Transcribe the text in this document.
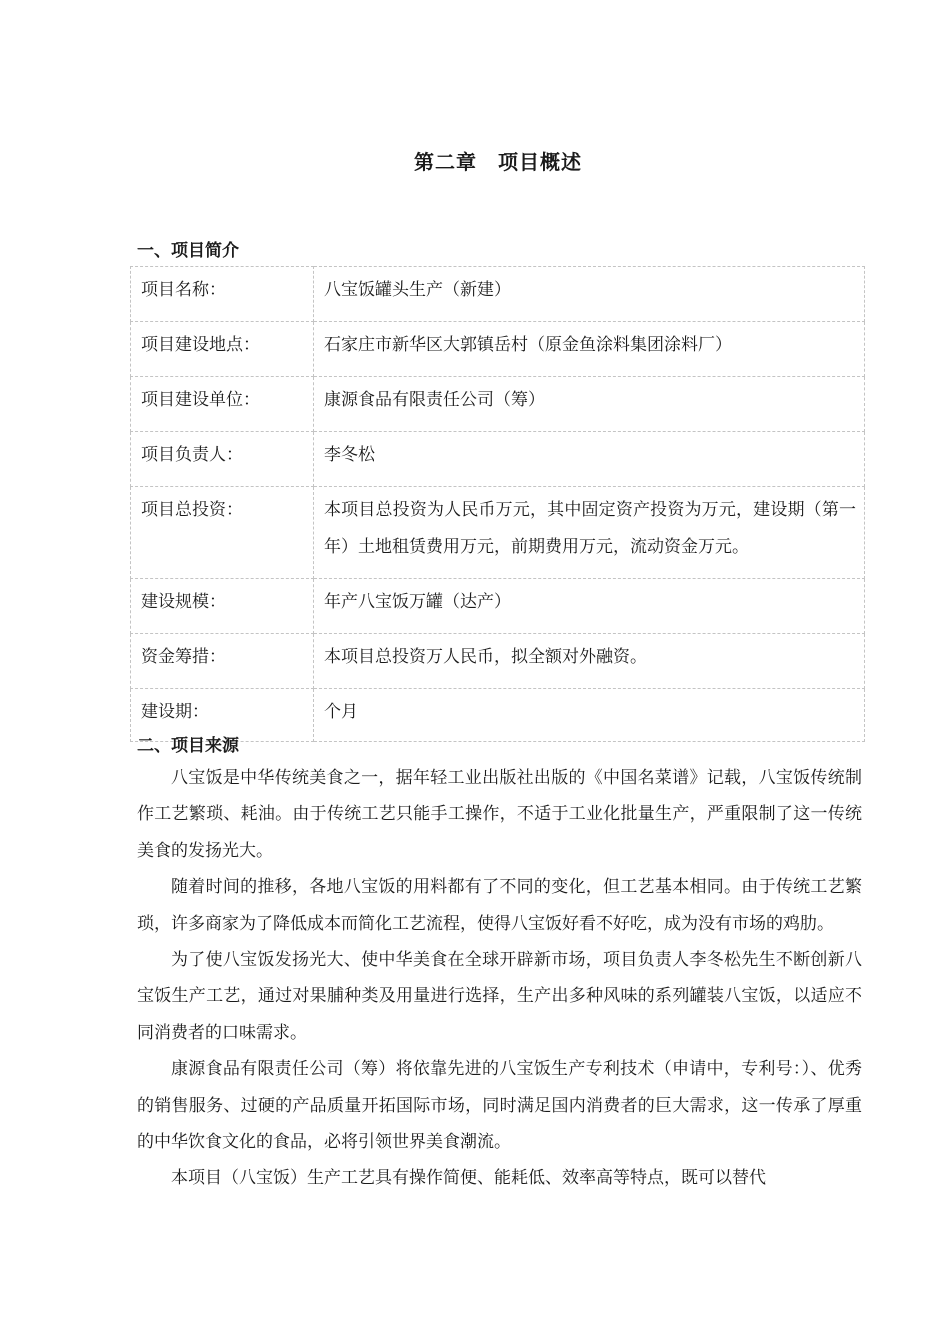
第二章　项目概述
一、项目简介
项目名称：	八宝饭罐头生产（新建）
项目建设地点：	石家庄市新华区大郭镇岳村（原金鱼涂料集团涂料厂）
项目建设单位：	康源食品有限责任公司（筹）
项目负责人：	李冬松
项目总投资：	本项目总投资为人民币万元，其中固定资产投资为万元，建设期（第一年）土地租赁费用万元，前期费用万元，流动资金万元。
建设规模：	年产八宝饭万罐（达产）
资金筹措：	本项目总投资万人民币，拟全额对外融资。
建设期：	个月
二、项目来源

八宝饭是中华传统美食之一，据年轻工业出版社出版的《中国名菜谱》记载，八宝饭传统制作工艺繁琐、耗油。由于传统工艺只能手工操作，不适于工业化批量生产，严重限制了这一传统美食的发扬光大。

随着时间的推移，各地八宝饭的用料都有了不同的变化，但工艺基本相同。由于传统工艺繁琐，许多商家为了降低成本而简化工艺流程，使得八宝饭好看不好吃，成为没有市场的鸡肋。

为了使八宝饭发扬光大、使中华美食在全球开辟新市场，项目负责人李冬松先生不断创新八宝饭生产工艺，通过对果脯种类及用量进行选择，生产出多种风味的系列罐装八宝饭，以适应不同消费者的口味需求。

康源食品有限责任公司（筹）将依靠先进的八宝饭生产专利技术（申请中，专利号：）、优秀的销售服务、过硬的产品质量开拓国际市场，同时满足国内消费者的巨大需求，这一传承了厚重的中华饮食文化的食品，必将引领世界美食潮流。

本项目（八宝饭）生产工艺具有操作简便、能耗低、效率高等特点，既可以替代
